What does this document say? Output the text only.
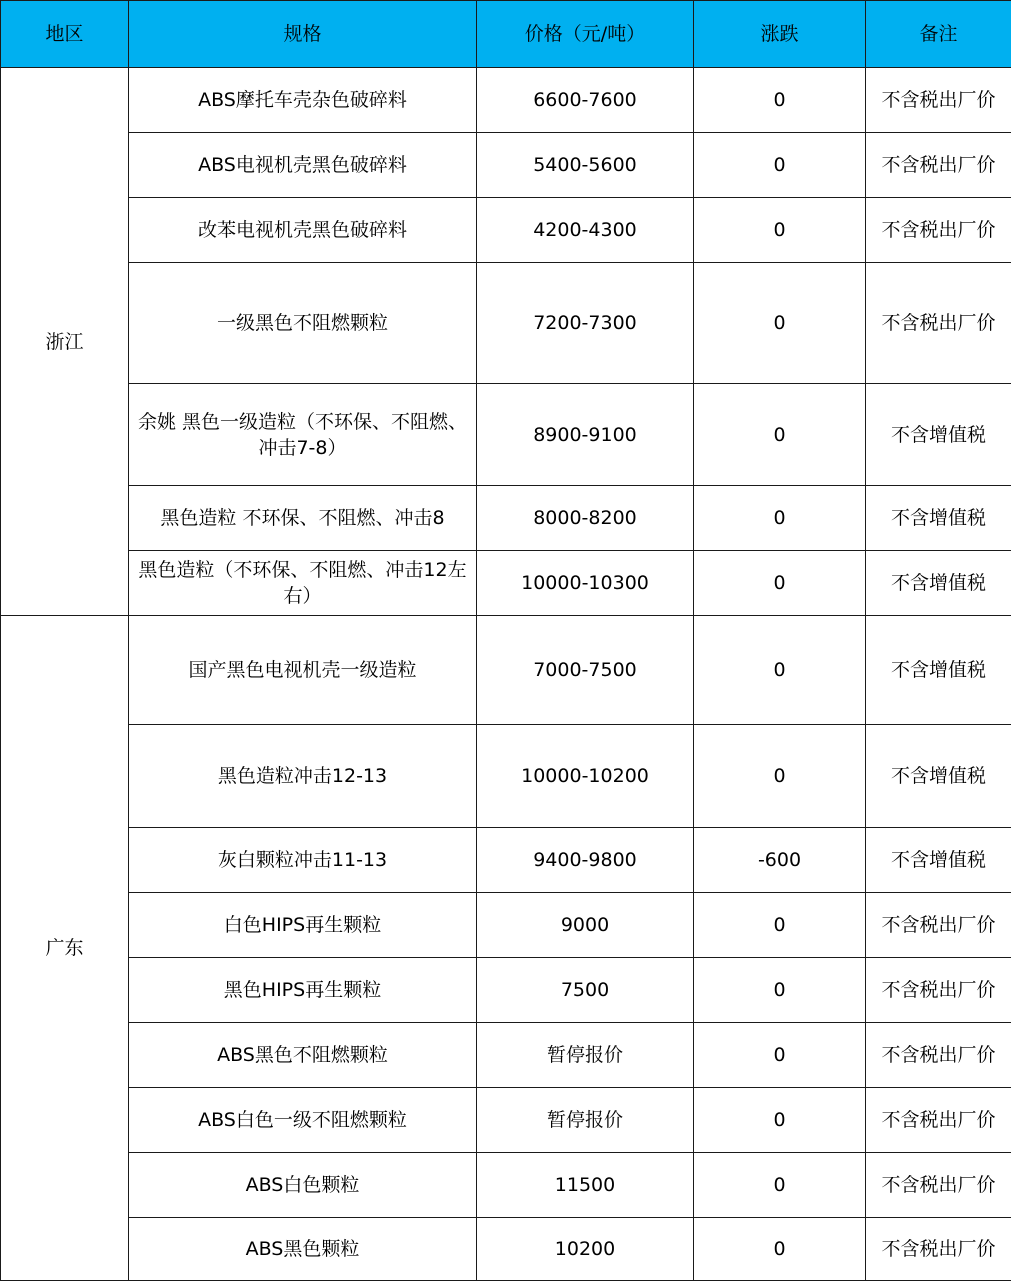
地区	规格	价格（元/吨）	涨跌	备注
浙江	ABS摩托车壳杂色破碎料	6600-7600	0	不含税出厂价
	ABS电视机壳黑色破碎料	5400-5600	0	不含税出厂价
	改苯电视机壳黑色破碎料	4200-4300	0	不含税出厂价
	一级黑色不阻燃颗粒	7200-7300	0	不含税出厂价
	余姚 黑色一级造粒（不环保、不阻燃、冲击7-8）	8900-9100	0	不含增值税
	黑色造粒 不环保、不阻燃、冲击8	8000-8200	0	不含增值税
	黑色造粒（不环保、不阻燃、冲击12左右）	10000-10300	0	不含增值税
广东	国产黑色电视机壳一级造粒	7000-7500	0	不含增值税
	黑色造粒冲击12-13	10000-10200	0	不含增值税
	灰白颗粒冲击11-13	9400-9800	-600	不含增值税
	白色HIPS再生颗粒	9000	0	不含税出厂价
	黑色HIPS再生颗粒	7500	0	不含税出厂价
	ABS黑色不阻燃颗粒	暂停报价	0	不含税出厂价
	ABS白色一级不阻燃颗粒	暂停报价	0	不含税出厂价
	ABS白色颗粒	11500	0	不含税出厂价
	ABS黑色颗粒	10200	0	不含税出厂价
